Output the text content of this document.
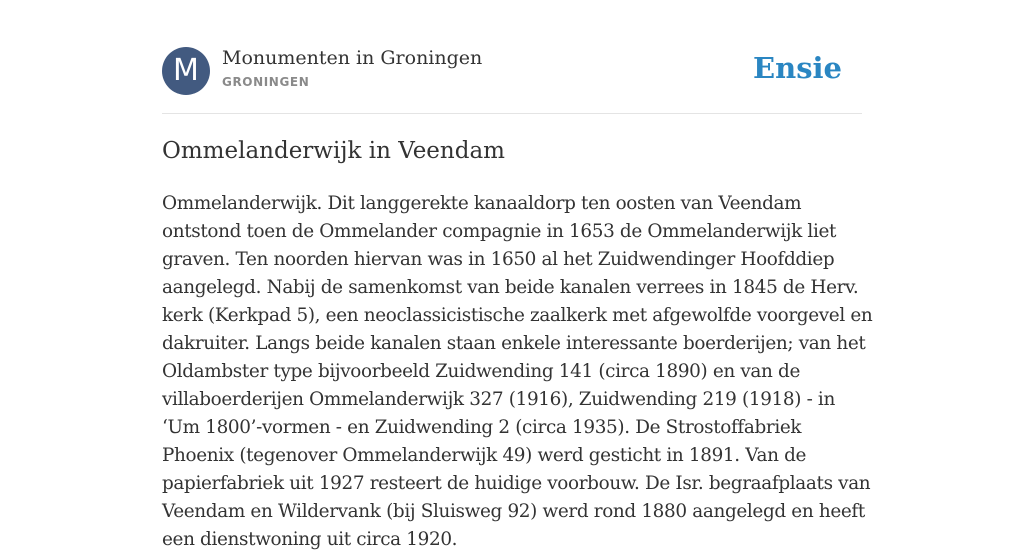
M	Monumenten in Groningen
GRONINGEN	Ensie
Ommelanderwijk in Veendam

Ommelanderwijk. Dit langgerekte kanaaldorp ten oosten van Veendam ontstond toen de Ommelander compagnie in 1653 de Ommelanderwijk liet graven. Ten noorden hiervan was in 1650 al het Zuidwendinger Hoofddiep aangelegd. Nabij de samenkomst van beide kanalen verrees in 1845 de Herv. kerk (Kerkpad 5), een neoclassicistische zaalkerk met afgewolfde voorgevel en dakruiter. Langs beide kanalen staan enkele interessante boerderijen; van het Oldambster type bijvoorbeeld Zuidwending 141 (circa 1890) en van de villaboerderijen Ommelanderwijk 327 (1916), Zuidwending 219 (1918) - in ‘Um 1800’-vormen - en Zuidwending 2 (circa 1935). De Strostoffabriek Phoenix (tegenover Ommelanderwijk 49) werd gesticht in 1891. Van de papierfabriek uit 1927 resteert de huidige voorbouw. De Isr. begraafplaats van Veendam en Wildervank (bij Sluisweg 92) werd rond 1880 aangelegd en heeft een dienstwoning uit circa 1920.
